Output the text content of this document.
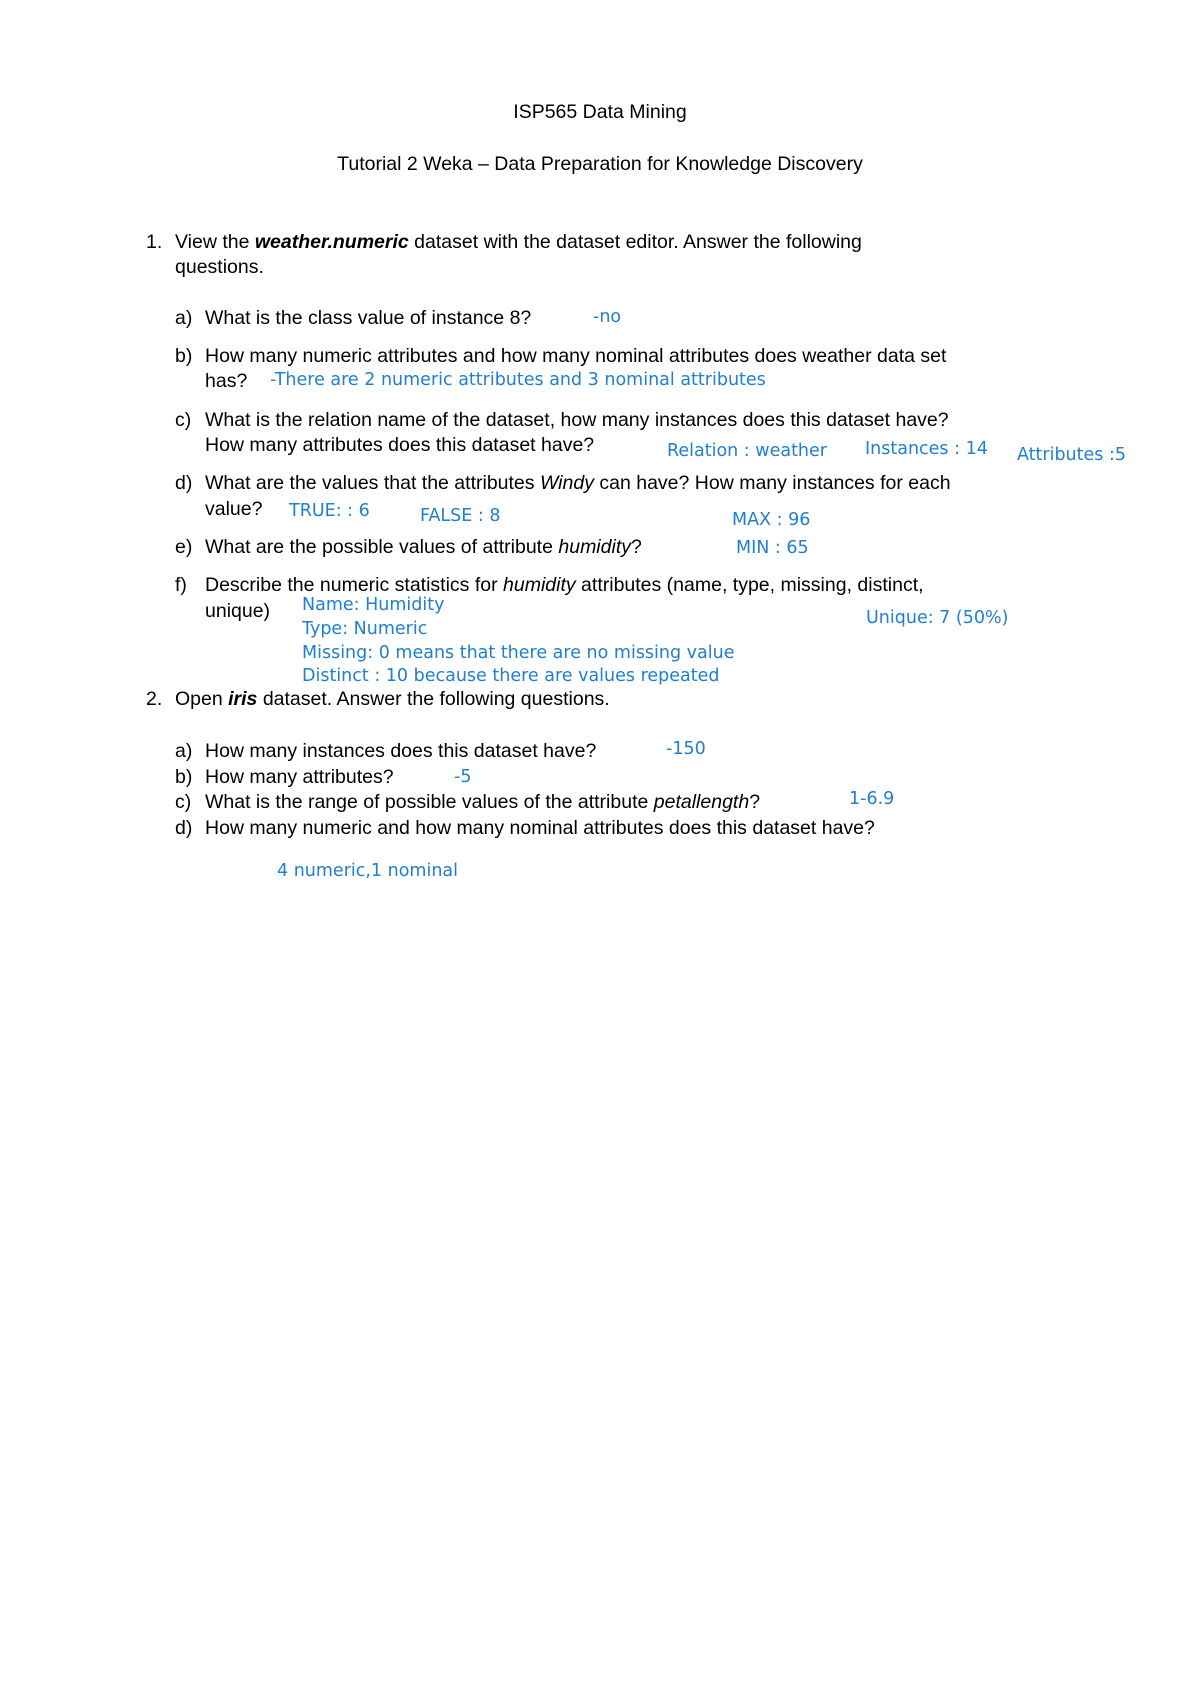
ISP565 Data Mining
Tutorial 2 Weka – Data Preparation for Knowledge Discovery
1. View the weather.numeric dataset with the dataset editor. Answer the following
questions.
a) What is the class value of instance 8?	-no
b) How many numeric attributes and how many nominal attributes does weather data set
has? -There are 2 numeric attributes and 3 nominal attributes
c) What is the relation name of the dataset, how many instances does this dataset have?
How many attributes does this dataset have?	Relation : weather Instances : 14 Attributes :5
d) What are the values that the attributes Windy can have? How many instances for each
value? TRUE: : 6	FALSE : 8	MAX : 96
e) What are the possible values of attribute humidity?	MIN : 65
f) Describe the numeric statistics for humidity attributes (name, type, missing, distinct,
unique) Name: Humidity
Type: Numeric
Missing: 0 means that there are no missing value
Distinct : 10 because there are values repeated
Unique: 7 (50%)
2. Open iris dataset. Answer the following questions.
a) How many instances does this dataset have?	-150
b) How many attributes?	-5
c) What is the range of possible values of the attribute petallength?	1-6.9
d) How many numeric and how many nominal attributes does this dataset have?
4 numeric,1 nominal
